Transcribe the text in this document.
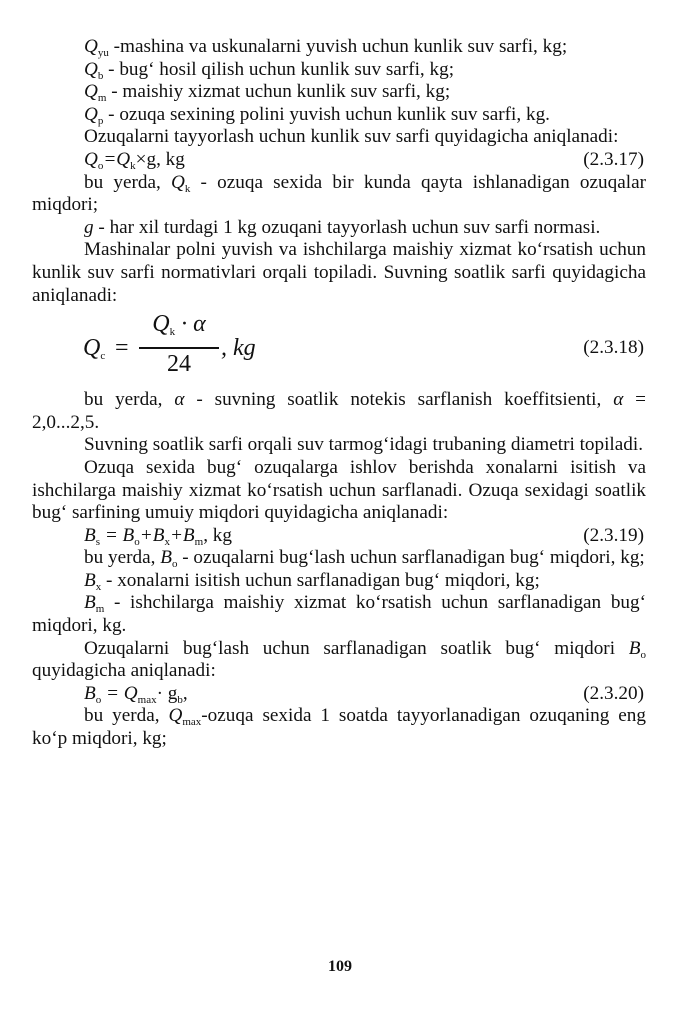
$Q_{yu}$ -mashina va uskunalarni yuvish uchun kunlik suv sarfi, kg;

$Q_b$ - bug‘ hosil qilish uchun kunlik suv sarfi, kg;

$Q_m$ - maishiy xizmat uchun kunlik suv sarfi, kg;

$Q_p$ - ozuqa sexining polini yuvish uchun kunlik suv sarfi, kg.

Ozuqalarni tayyorlash uchun kunlik suv sarfi quyidagicha aniqlanadi:

$Q_o=Q_k\times g$, kg	(2.3.17)

bu yerda, $Q_k$ - ozuqa sexida bir kunda qayta ishlanadigan ozuqalar miqdori;

g - har xil turdagi 1 kg ozuqani tayyorlash uchun suv sarfi normasi.

Mashinalar polni yuvish va ishchilarga maishiy xizmat ko‘rsatish uchun kunlik suv sarfi normativlari orqali topiladi. Suvning soatlik sarfi quyidagicha aniqlanadi:

$Q_c$ =
$Q_k \cdot \alpha$
24
, kg	(2.3.18)

bu yerda, α - suvning soatlik notekis sarflanish koeffitsienti, α = 2,0...2,5.

Suvning soatlik sarfi orqali suv tarmog‘idagi trubaning diametri topiladi.

Ozuqa sexida bug‘ ozuqalarga ishlov berishda xonalarni isitish va ishchilarga maishiy xizmat ko‘rsatish uchun sarflanadi. Ozuqa sexidagi soatlik bug‘ sarfining umuiy miqdori quyidagicha aniqlanadi:

$B_s = B_o+B_x+B_m$, kg	(2.3.19)

bu yerda, $B_o$ - ozuqalarni bug‘lash uchun sarflanadigan bug‘ miqdori, kg;

$B_x$ - xonalarni isitish uchun sarflanadigan bug‘ miqdori, kg;

$B_m$ - ishchilarga maishiy xizmat ko‘rsatish uchun sarflanadigan bug‘ miqdori, kg.

Ozuqalarni bug‘lash uchun sarflanadigan soatlik bug‘ miqdori $B_o$ quyidagicha aniqlanadi:

$B_o = Q_{max}\cdot g_b$,	(2.3.20)

bu yerda, $Q_{max}$-ozuqa sexida 1 soatda tayyorlanadigan ozuqaning eng ko‘p miqdori, kg;

109
